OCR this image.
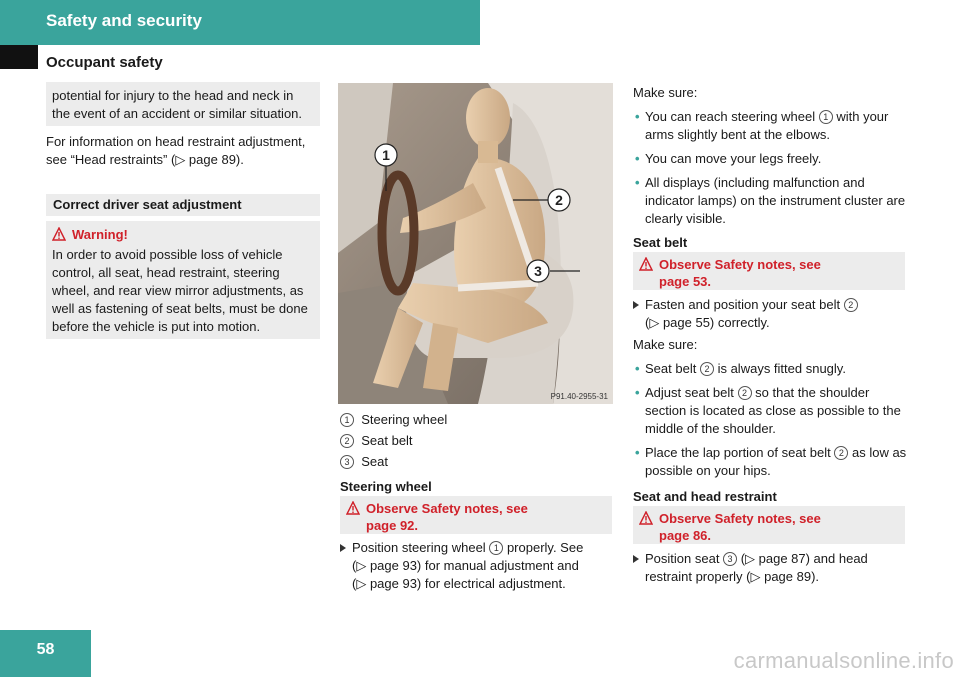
Safety and security
Occupant safety

potential for injury to the head and neck in the event of an accident or similar situation.

For information on head restraint adjustment, see “Head restraints” (▷ page 89).

Correct driver seat adjustment
Warning!

In order to avoid possible loss of vehicle control, all seat, head restraint, steering wheel, and rear view mirror adjustments, as well as fastening of seat belts, must be done before the vehicle is put into motion.

1
2
3
P91.40-2955-31
1 Steering wheel
2 Seat belt
3 Seat
Steering wheel
Observe Safety notes, see page 92.

Position steering wheel 1 properly. See

(▷ page 93) for manual adjustment and

(▷ page 93) for electrical adjustment.

Make sure:

• You can reach steering wheel 1 with your arms slightly bent at the elbows.

• You can move your legs freely.

• All displays (including malfunction and indicator lamps) on the instrument cluster are clearly visible.

Seat belt
Observe Safety notes, see page 53.

Fasten and position your seat belt 2

(▷ page 55) correctly.

Make sure:

• Seat belt 2 is always fitted snugly.

• Adjust seat belt 2 so that the shoulder section is located as close as possible to the middle of the shoulder.

• Place the lap portion of seat belt 2 as low as possible on your hips.

Seat and head restraint
Observe Safety notes, see page 86.

Position seat 3 (▷ page 87) and head restraint properly (▷ page 89).

58	carmanualsonline.info
